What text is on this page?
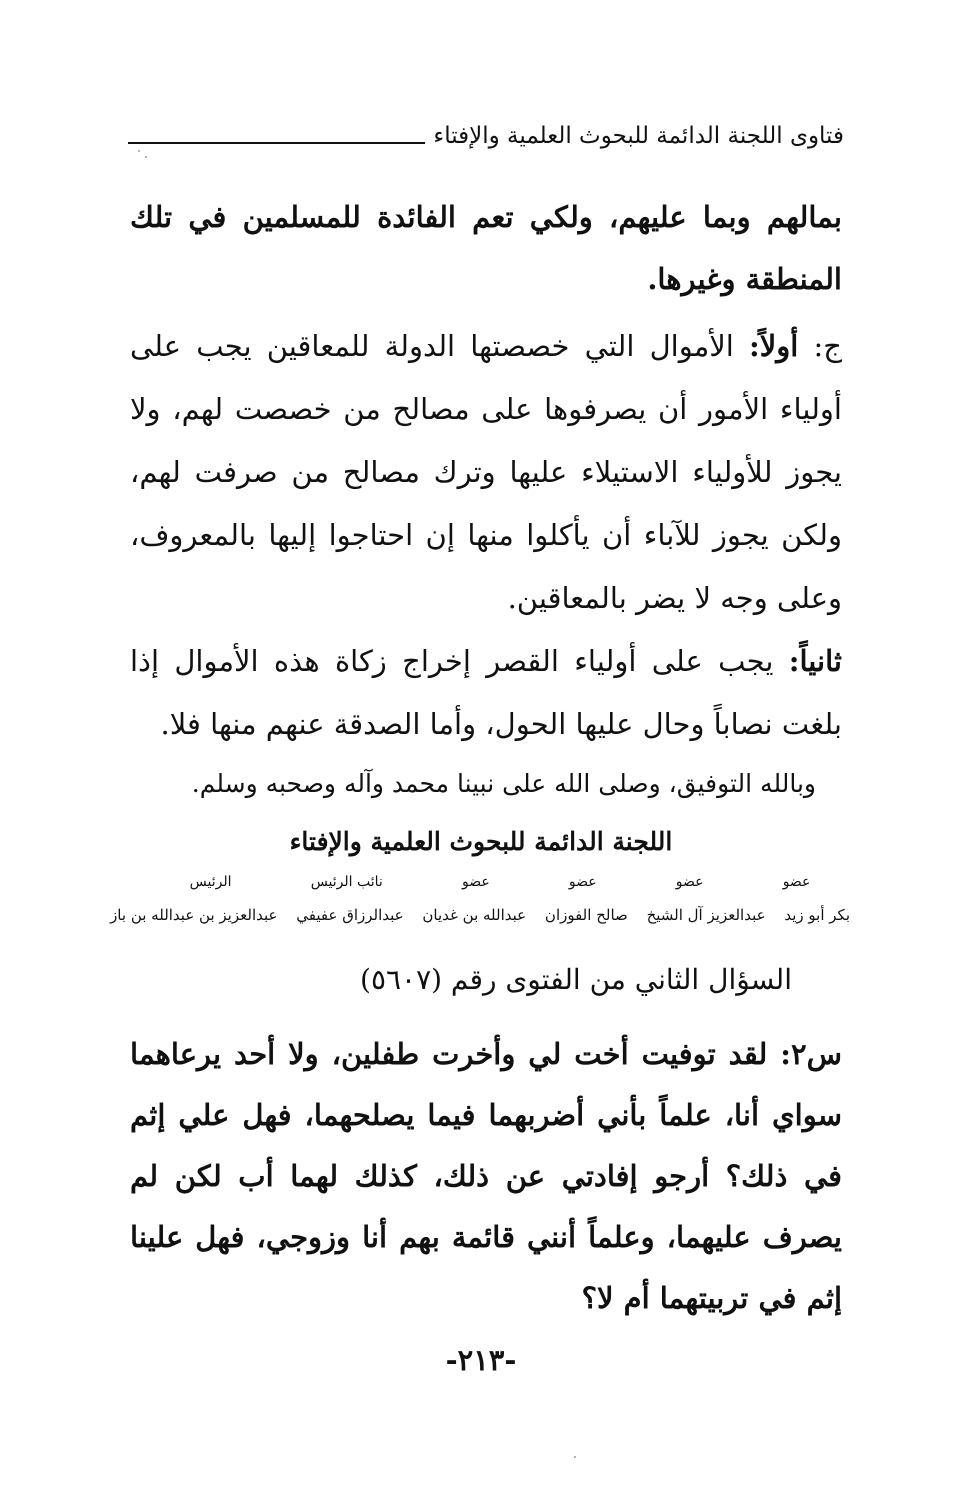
فتاوى اللجنة الدائمة للبحوث العلمية والإفتاء

بمالهم وبما عليهم، ولكي تعم الفائدة للمسلمين في تلك المنطقة وغيرها.

ج: أولاً: الأموال التي خصصتها الدولة للمعاقين يجب على أولياء الأمور أن يصرفوها على مصالح من خصصت لهم، ولا يجوز للأولياء الاستيلاء عليها وترك مصالح من صرفت لهم، ولكن يجوز للآباء أن يأكلوا منها إن احتاجوا إليها بالمعروف، وعلى وجه لا يضر بالمعاقين.

ثانياً: يجب على أولياء القصر إخراج زكاة هذه الأموال إذا بلغت نصاباً وحال عليها الحول، وأما الصدقة عنهم منها فلا.

وبالله التوفيق، وصلى الله على نبينا محمد وآله وصحبه وسلم.
اللجنة الدائمة للبحوث العلمية والإفتاء
عضو
عضو
عضو
عضو
نائب الرئيس
الرئيس
بكر أبو زيد
عبدالعزيز آل الشيخ
صالح الفوزان
عبدالله بن غديان
عبدالرزاق عفيفي
عبدالعزيز بن عبدالله بن باز
السؤال الثاني من الفتوى رقم (٥٦٠٧)

س٢: لقد توفيت أخت لي وأخرت طفلين، ولا أحد يرعاهما سواي أنا، علماً بأني أضربهما فيما يصلحهما، فهل علي إثم في ذلك؟ أرجو إفادتي عن ذلك، كذلك لهما أب لكن لم يصرف عليهما، وعلماً أنني قائمة بهم أنا وزوجي، فهل علينا إثم في تربيتهما أم لا؟

-٢١٣-
